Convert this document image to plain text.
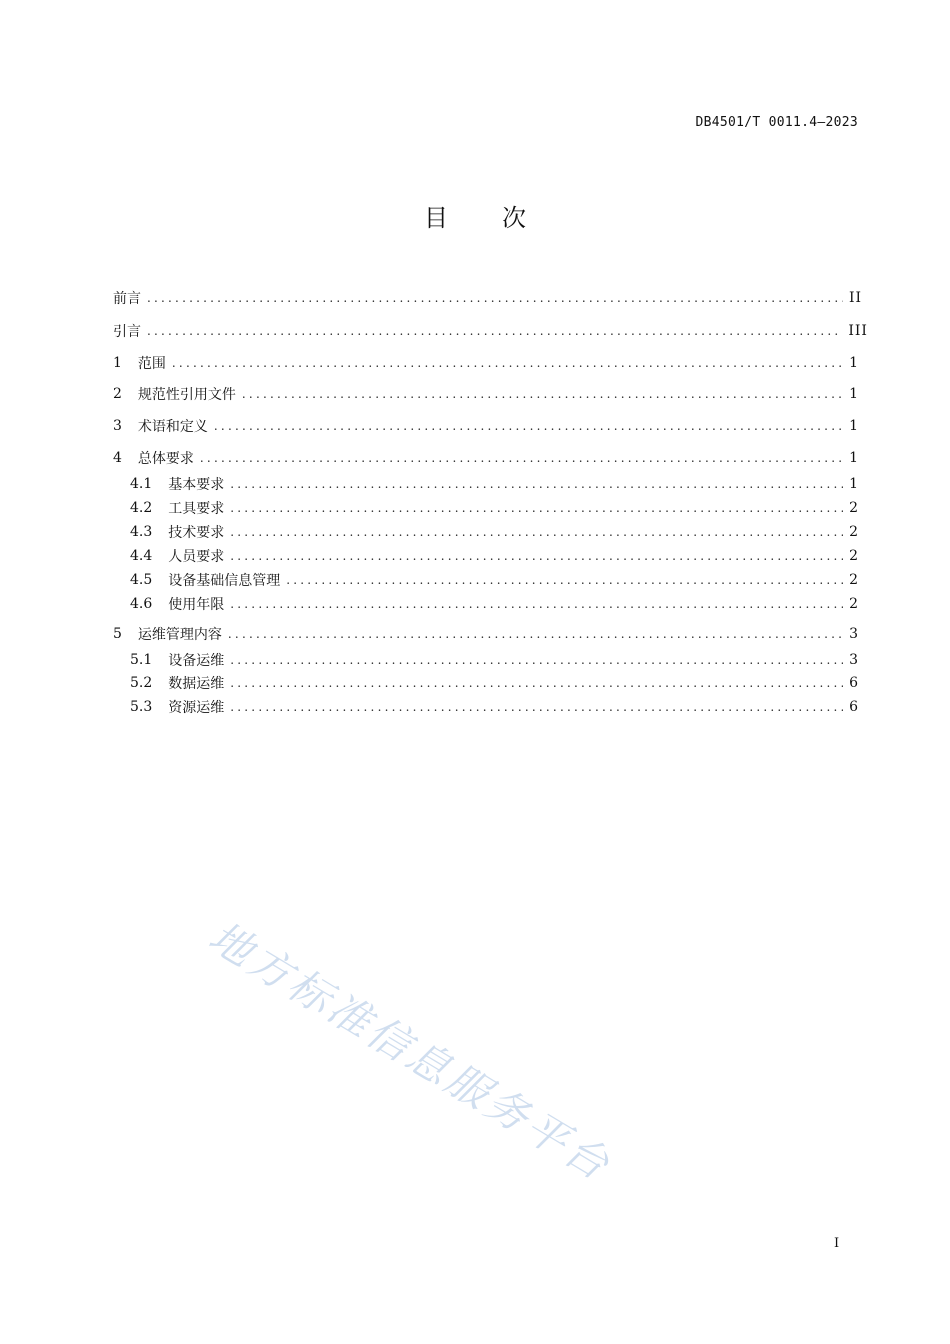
DB4501/T 0011.4—2023
目 次
前言 .....	II
引言 .....	III
1 范围 .....	1
2 规范性引用文件 .....	1
3 术语和定义 .....	1
4 总体要求 .....	1
4.1 基本要求 .....	1
4.2 工具要求 .....	2
4.3 技术要求 .....	2
4.4 人员要求 .....	2
4.5 设备基础信息管理 .....	2
4.6 使用年限 .....	2
5 运维管理内容 .....	3
5.1 设备运维 .....	3
5.2 数据运维 .....	6
5.3 资源运维 .....	6
地方标准信息服务平台
I
